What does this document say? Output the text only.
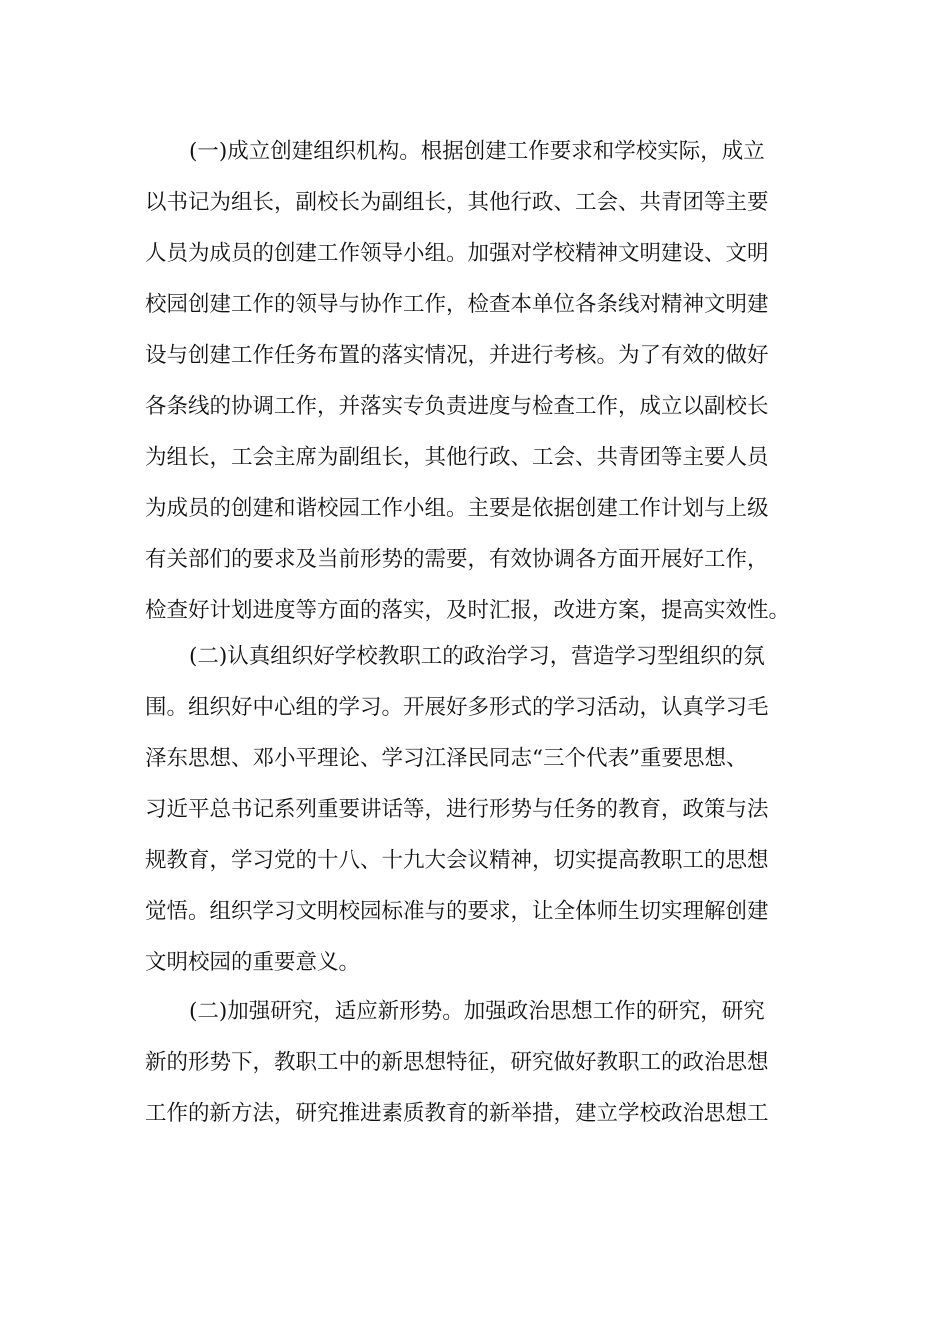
(一)成立创建组织机构。根据创建工作要求和学校实际，成立
以书记为组长，副校长为副组长，其他行政、工会、共青团等主要
人员为成员的创建工作领导小组。加强对学校精神文明建设、文明
校园创建工作的领导与协作工作，检查本单位各条线对精神文明建
设与创建工作任务布置的落实情况，并进行考核。为了有效的做好
各条线的协调工作，并落实专负责进度与检查工作，成立以副校长
为组长，工会主席为副组长，其他行政、工会、共青团等主要人员
为成员的创建和谐校园工作小组。主要是依据创建工作计划与上级
有关部们的要求及当前形势的需要，有效协调各方面开展好工作，
检查好计划进度等方面的落实，及时汇报，改进方案，提高实效性。
(二)认真组织好学校教职工的政治学习，营造学习型组织的氛
围。组织好中心组的学习。开展好多形式的学习活动，认真学习毛
泽东思想、邓小平理论、学习江泽民同志“三个代表”重要思想、
习近平总书记系列重要讲话等，进行形势与任务的教育，政策与法
规教育，学习党的十八、十九大会议精神，切实提高教职工的思想
觉悟。组织学习文明校园标准与的要求，让全体师生切实理解创建
文明校园的重要意义。
(二)加强研究，适应新形势。加强政治思想工作的研究，研究
新的形势下，教职工中的新思想特征，研究做好教职工的政治思想
工作的新方法，研究推进素质教育的新举措，建立学校政治思想工
